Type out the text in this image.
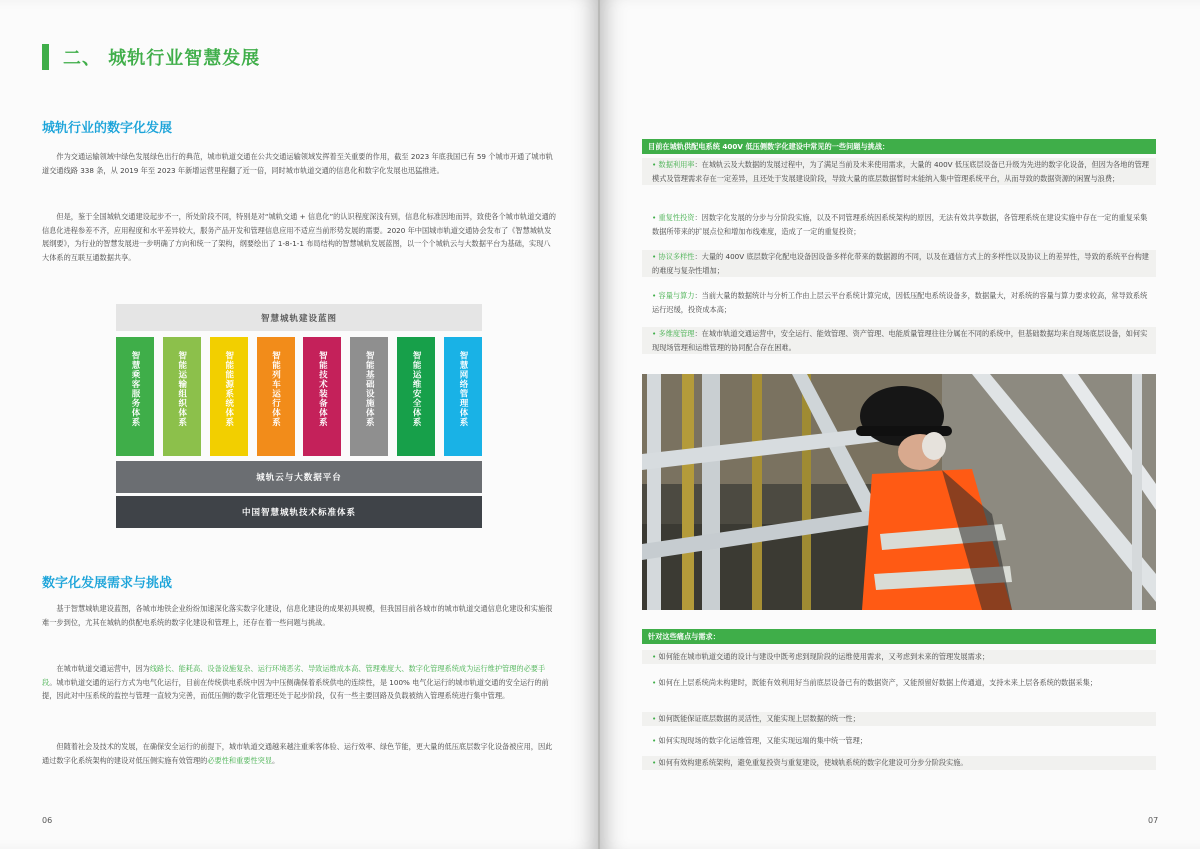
二、 城轨行业智慧发展
城轨行业的数字化发展

作为交通运输领域中绿色发展绿色出行的典范，城市轨道交通在公共交通运输领域发挥着至关重要的作用，截至 2023 年底我国已有 59 个城市开通了城市轨道交通线路 338 条，从 2019 年至 2023 年新增运营里程翻了近一倍，同时城市轨道交通的信息化和数字化发展也迅猛推进。

但是，鉴于全国城轨交通建设起步不一，所处阶段不同，特别是对“城轨交通 + 信息化”的认识程度深浅有别，信息化标准因地而异，致使各个城市轨道交通的信息化进程参差不齐，应用程度和水平差异较大，服务产品开发和管理信息应用不适应当前形势发展的需要。2020 年中国城市轨道交通协会发布了《智慧城轨发展纲要》，为行业的智慧发展进一步明确了方向和统一了架构，纲要绘出了 1-8-1-1 布局结构的智慧城轨发展蓝图，以一个个城轨云与大数据平台为基础，实现八大体系的互联互通数据共享。

智慧城轨建设蓝图
智慧乘客服务体系	智能运输组织体系	智能能源系统体系	智能列车运行体系	智能技术装备体系	智能基础设施体系	智能运维安全体系	智慧网络管理体系
城轨云与大数据平台
中国智慧城轨技术标准体系
数字化发展需求与挑战

基于智慧城轨建设蓝图，各城市地铁企业纷纷加速深化落实数字化建设，信息化建设的成果初具规模，但我国目前各城市的城市轨道交通信息化建设和实施很难一步到位，尤其在城轨的供配电系统的数字化建设和管理上，还存在着一些问题与挑战。

在城市轨道交通运营中，因为线路长、能耗高、设备设施复杂、运行环境恶劣、导致运维成本高、管理难度大、数字化管理系统成为运行维护管理的必要手段。城市轨道交通的运行方式为电气化运行，目前在传统供电系统中因为中压侧确保着系统供电的连续性，是 100% 电气化运行的城市轨道交通的安全运行的前提，因此对中压系统的监控与管理一直较为完善，而低压侧的数字化管理还处于起步阶段，仅有一些主要回路及负载被纳入管理系统进行集中管理。

但随着社会及技术的发展，在确保安全运行的前提下，城市轨道交通越来越注重乘客体验、运行效率、绿色节能，更大量的低压底层数字化设备被应用，因此通过数字化系统架构的建设对低压侧实施有效管理的必要性和重要性突显。

06	07
目前在城轨供配电系统 400V 低压侧数字化建设中常见的一些问题与挑战：

• 数据利用率：在城轨云及大数据的发展过程中，为了满足当前及未来使用需求，大量的 400V 低压底层设备已升级为先进的数字化设备，但因为各地的管理模式及管理需求存在一定差异，且还处于发展建设阶段，导致大量的底层数据暂时未能纳入集中管理系统平台，从而导致的数据资源的闲置与浪费；

• 重复性投资：因数字化发展的分步与分阶段实施，以及不同管理系统因系统架构的原因，无法有效共享数据，各管理系统在建设实施中存在一定的重复采集数据所带来的扩展点位和增加布线难度，造成了一定的重复投资；

• 协议多样性：大量的 400V 底层数字化配电设备因设备多样化带来的数据源的不同，以及在通信方式上的多样性以及协议上的差异性，导致的系统平台构建的难度与复杂性增加；

• 容量与算力：当前大量的数据统计与分析工作由上层云平台系统计算完成，因低压配电系统设备多，数据量大，对系统的容量与算力要求较高，常导致系统运行迟缓，投资成本高；

• 多维度管理：在城市轨道交通运营中，安全运行、能效管理、资产管理、电能质量管理往往分属在不同的系统中，但基础数据均来自现场底层设备，如何实现现场管理和运维管理的协同配合存在困难。

针对这些痛点与需求：

• 如何能在城市轨道交通的设计与建设中既考虑到现阶段的运维使用需求，又考虑到未来的管理发展需求；

• 如何在上层系统尚未构建时，既能有效利用好当前底层设备已有的数据资产，又能预留好数据上传通道，支持未来上层各系统的数据采集；

• 如何既能保证底层数据的灵活性，又能实现上层数据的统一性；

• 如何实现现场的数字化运维管理，又能实现远端的集中统一管理；

• 如何有效构建系统架构，避免重复投资与重复建设，使城轨系统的数字化建设可分步分阶段实施。
